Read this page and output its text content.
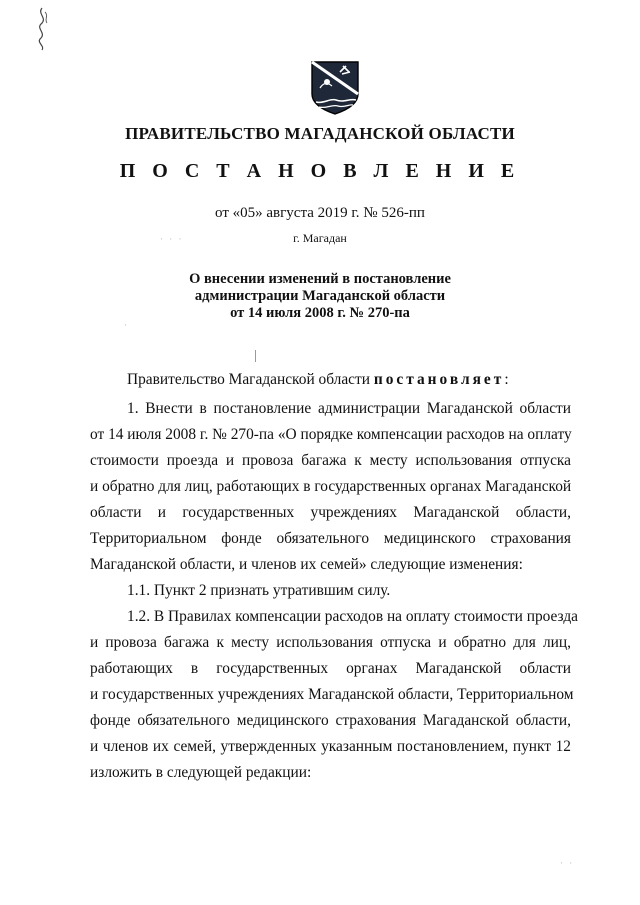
ПРАВИТЕЛЬСТВО МАГАДАНСКОЙ ОБЛАСТИ
П О С Т А Н О В Л Е Н И Е
от «05» августа 2019 г. № 526-пп
г. Магадан
· · ·
·
· ·
О внесении изменений в постановление
администрации Магаданской области
от 14 июля 2008 г. № 270-па
Правительство Магаданской области постановляет:
1. Внести в постановление администрации Магаданской области
от 14 июля 2008 г. № 270-па «О порядке компенсации расходов на оплату
стоимости проезда и провоза багажа к месту использования отпуска
и обратно для лиц, работающих в государственных органах Магаданской
области и государственных учреждениях Магаданской области,
Территориальном фонде обязательного медицинского страхования
Магаданской области, и членов их семей» следующие изменения:
1.1. Пункт 2 признать утратившим силу.
1.2. В Правилах компенсации расходов на оплату стоимости проезда
и провоза багажа к месту использования отпуска и обратно для лиц,
работающих в государственных органах Магаданской области
и государственных учреждениях Магаданской области, Территориальном
фонде обязательного медицинского страхования Магаданской области,
и членов их семей, утвержденных указанным постановлением, пункт 12
изложить в следующей редакции:
